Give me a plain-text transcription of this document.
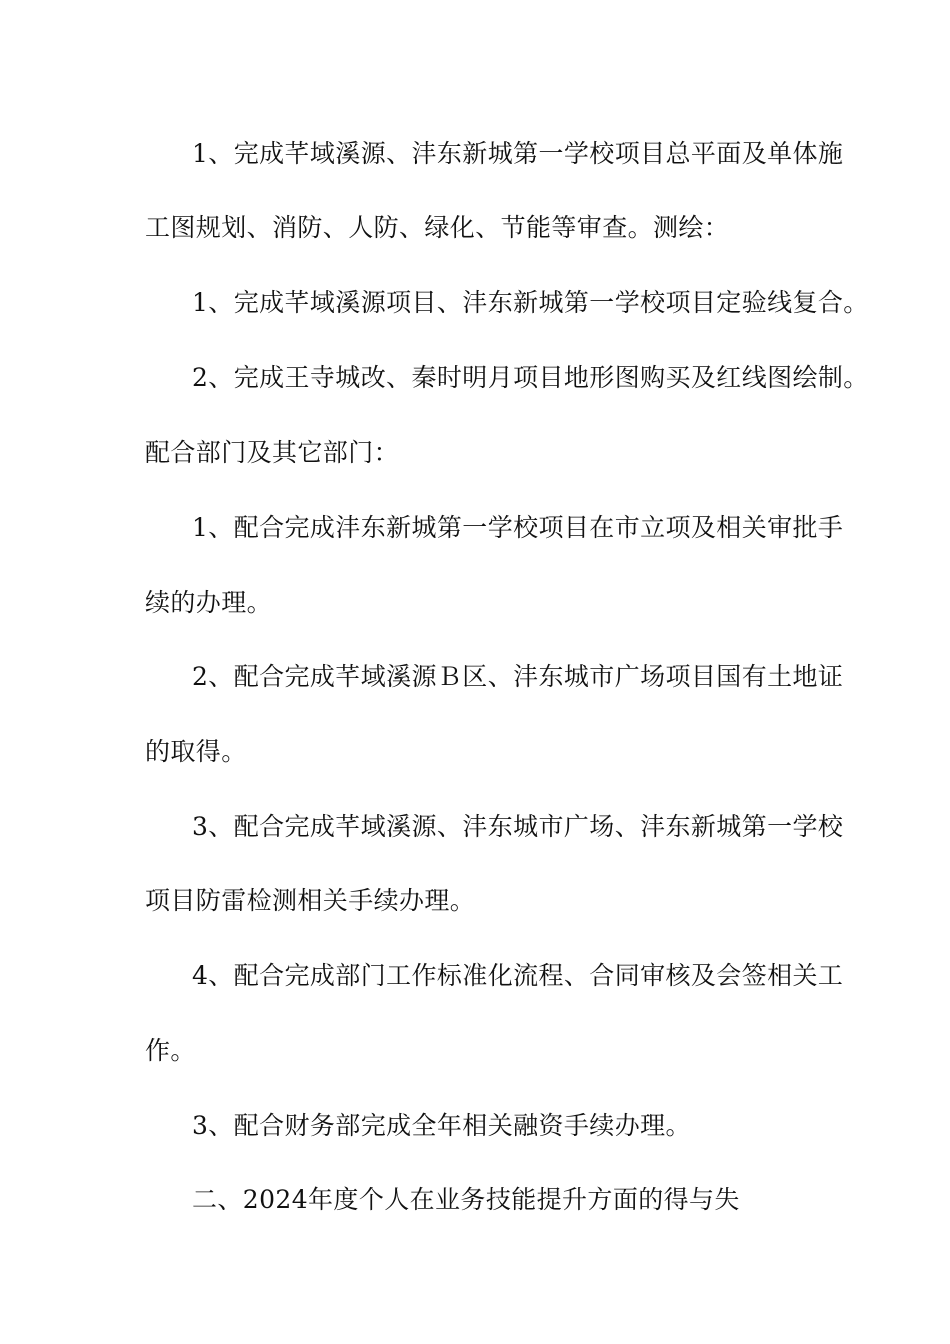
1、完成芊域溪源、沣东新城第一学校项目总平面及单体施
工图规划、消防、人防、绿化、节能等审查。测绘：
1、完成芊域溪源项目、沣东新城第一学校项目定验线复合。
2、完成王寺城改、秦时明月项目地形图购买及红线图绘制。
配合部门及其它部门：
1、配合完成沣东新城第一学校项目在市立项及相关审批手
续的办理。
2、配合完成芊域溪源Ｂ区、沣东城市广场项目国有土地证
的取得。
3、配合完成芊域溪源、沣东城市广场、沣东新城第一学校
项目防雷检测相关手续办理。
4、配合完成部门工作标准化流程、合同审核及会签相关工
作。
3、配合财务部完成全年相关融资手续办理。
二、2024年度个人在业务技能提升方面的得与失
